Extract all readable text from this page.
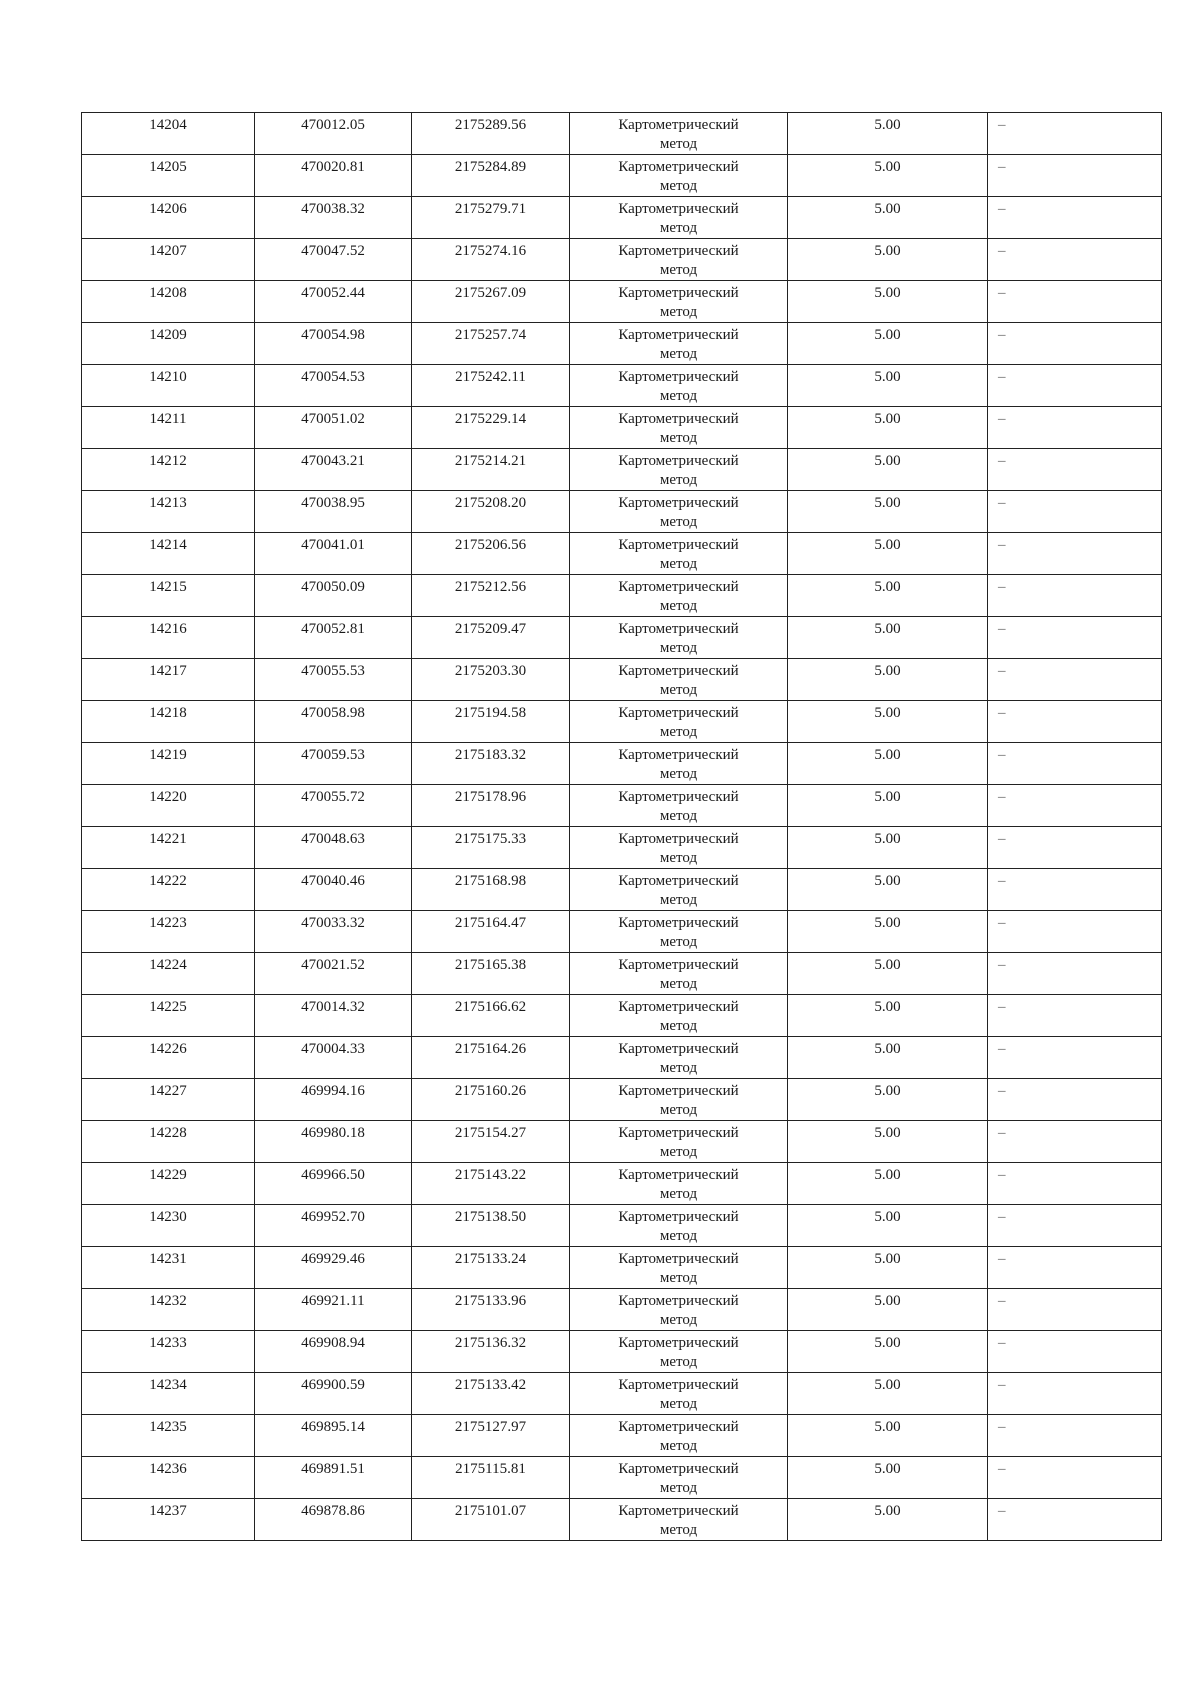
14204	470012.05	2175289.56	Картометрический
метод	5.00	–
14205	470020.81	2175284.89	Картометрический
метод	5.00	–
14206	470038.32	2175279.71	Картометрический
метод	5.00	–
14207	470047.52	2175274.16	Картометрический
метод	5.00	–
14208	470052.44	2175267.09	Картометрический
метод	5.00	–
14209	470054.98	2175257.74	Картометрический
метод	5.00	–
14210	470054.53	2175242.11	Картометрический
метод	5.00	–
14211	470051.02	2175229.14	Картометрический
метод	5.00	–
14212	470043.21	2175214.21	Картометрический
метод	5.00	–
14213	470038.95	2175208.20	Картометрический
метод	5.00	–
14214	470041.01	2175206.56	Картометрический
метод	5.00	–
14215	470050.09	2175212.56	Картометрический
метод	5.00	–
14216	470052.81	2175209.47	Картометрический
метод	5.00	–
14217	470055.53	2175203.30	Картометрический
метод	5.00	–
14218	470058.98	2175194.58	Картометрический
метод	5.00	–
14219	470059.53	2175183.32	Картометрический
метод	5.00	–
14220	470055.72	2175178.96	Картометрический
метод	5.00	–
14221	470048.63	2175175.33	Картометрический
метод	5.00	–
14222	470040.46	2175168.98	Картометрический
метод	5.00	–
14223	470033.32	2175164.47	Картометрический
метод	5.00	–
14224	470021.52	2175165.38	Картометрический
метод	5.00	–
14225	470014.32	2175166.62	Картометрический
метод	5.00	–
14226	470004.33	2175164.26	Картометрический
метод	5.00	–
14227	469994.16	2175160.26	Картометрический
метод	5.00	–
14228	469980.18	2175154.27	Картометрический
метод	5.00	–
14229	469966.50	2175143.22	Картометрический
метод	5.00	–
14230	469952.70	2175138.50	Картометрический
метод	5.00	–
14231	469929.46	2175133.24	Картометрический
метод	5.00	–
14232	469921.11	2175133.96	Картометрический
метод	5.00	–
14233	469908.94	2175136.32	Картометрический
метод	5.00	–
14234	469900.59	2175133.42	Картометрический
метод	5.00	–
14235	469895.14	2175127.97	Картометрический
метод	5.00	–
14236	469891.51	2175115.81	Картометрический
метод	5.00	–
14237	469878.86	2175101.07	Картометрический
метод	5.00	–
